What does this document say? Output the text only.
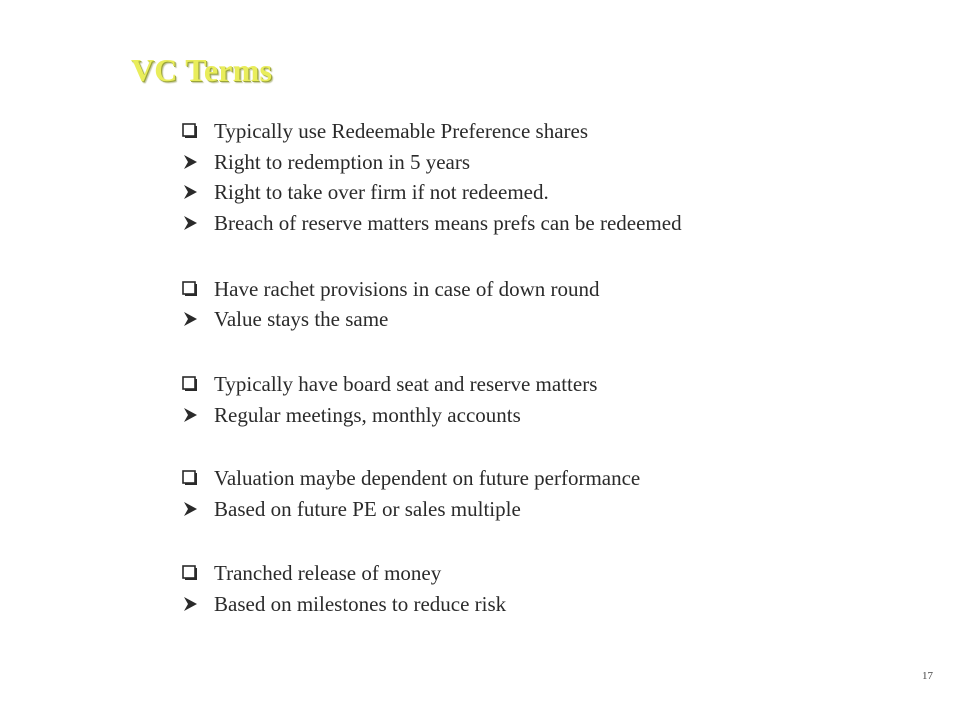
VC Terms
Typically use Redeemable Preference shares
Right to redemption in 5 years
Right to take over firm if not redeemed.
Breach of reserve matters means prefs can be redeemed
Have rachet provisions in case of down round
Value stays the same
Typically have board seat and reserve matters
Regular meetings, monthly accounts
Valuation maybe dependent on future performance
Based on future PE or sales multiple
Tranched release of money
Based on milestones to reduce risk
17
